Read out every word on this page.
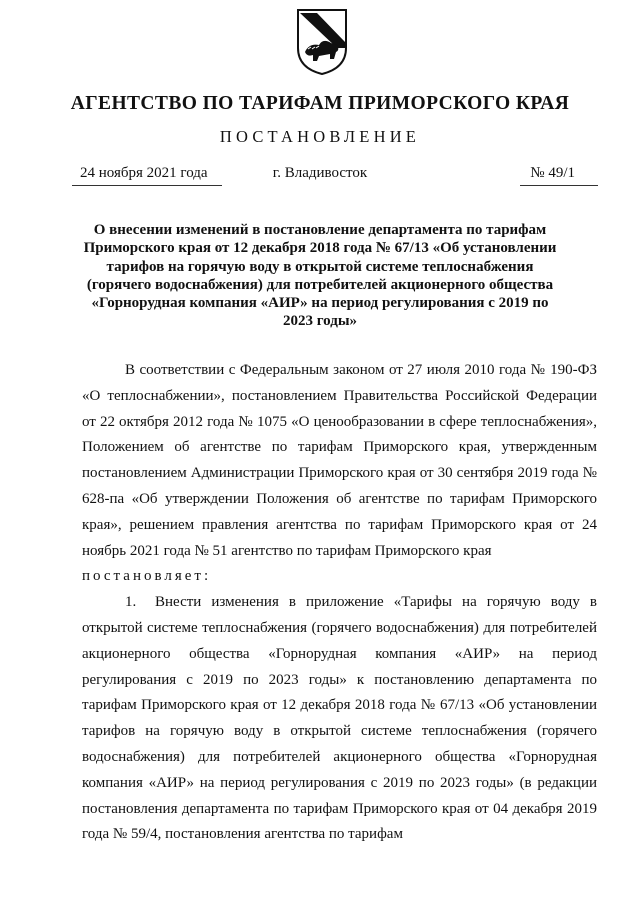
АГЕНТСТВО ПО ТАРИФАМ ПРИМОРСКОГО КРАЯ
ПОСТАНОВЛЕНИЕ
24 ноября 2021 года	г. Владивосток	№ 49/1
О внесении изменений в постановление департамента по тарифам Приморского края от 12 декабря 2018 года № 67/13 «Об установлении тарифов на горячую воду в открытой системе теплоснабжения (горячего водоснабжения) для потребителей акционерного общества «Горнорудная компания «АИР» на период регулирования с 2019 по 2023 годы»

В соответствии с Федеральным законом от 27 июля 2010 года № 190-ФЗ «О теплоснабжении», постановлением Правительства Российской Федерации от 22 октября 2012 года № 1075 «О ценообразовании в сфере теплоснабжения», Положением об агентстве по тарифам Приморского края, утвержденным постановлением Администрации Приморского края от 30 сентября 2019 года № 628-па «Об утверждении Положения об агентстве по тарифам Приморского края», решением правления агентства по тарифам Приморского края от 24 ноябрь 2021 года № 51 агентство по тарифам Приморского края

постановляет:

1. Внести изменения в приложение «Тарифы на горячую воду в открытой системе теплоснабжения (горячего водоснабжения) для потребителей акционерного общества «Горнорудная компания «АИР» на период регулирования с 2019 по 2023 годы» к постановлению департамента по тарифам Приморского края от 12 декабря 2018 года № 67/13 «Об установлении тарифов на горячую воду в открытой системе теплоснабжения (горячего водоснабжения) для потребителей акционерного общества «Горнорудная компания «АИР» на период регулирования с 2019 по 2023 годы» (в редакции постановления департамента по тарифам Приморского края от 04 декабря 2019 года № 59/4, постановления агентства по тарифам
